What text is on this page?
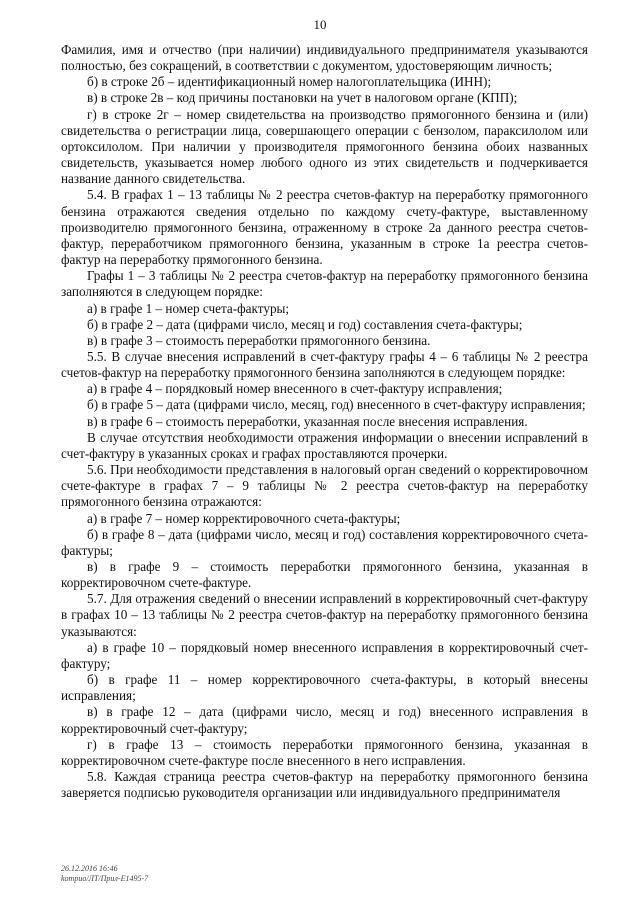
10

Фамилия, имя и отчество (при наличии) индивидуального предпринимателя указываются полностью, без сокращений, в соответствии с документом, удостоверяющим личность;

б) в строке 2б – идентификационный номер налогоплательщика (ИНН);

в) в строке 2в – код причины постановки на учет в налоговом органе (КПП);

г) в строке 2г – номер свидетельства на производство прямогонного бензина и (или) свидетельства о регистрации лица, совершающего операции с бензолом, параксилолом или ортоксилолом. При наличии у производителя прямогонного бензина обоих названных свидетельств, указывается номер любого одного из этих свидетельств и подчеркивается название данного свидетельства.

5.4. В графах 1 – 13 таблицы № 2 реестра счетов-фактур на переработку прямогонного бензина отражаются сведения отдельно по каждому счету-фактуре, выставленному производителю прямогонного бензина, отраженному в строке 2а данного реестра счетов-фактур, переработчиком прямогонного бензина, указанным в строке 1а реестра счетов-фактур на переработку прямогонного бензина.

Графы 1 – 3 таблицы № 2 реестра счетов-фактур на переработку прямогонного бензина заполняются в следующем порядке:

а) в графе 1 – номер счета-фактуры;

б) в графе 2 – дата (цифрами число, месяц и год) составления счета-фактуры;

в) в графе 3 – стоимость переработки прямогонного бензина.

5.5. В случае внесения исправлений в счет-фактуру графы 4 – 6 таблицы № 2 реестра счетов-фактур на переработку прямогонного бензина заполняются в следующем порядке:

а) в графе 4 – порядковый номер внесенного в счет-фактуру исправления;

б) в графе 5 – дата (цифрами число, месяц, год) внесенного в счет-фактуру исправления;

в) в графе 6 – стоимость переработки, указанная после внесения исправления.

В случае отсутствия необходимости отражения информации о внесении исправлений в счет-фактуру в указанных сроках и графах проставляются прочерки.

5.6. При необходимости представления в налоговый орган сведений о корректировочном счете-фактуре в графах 7 – 9 таблицы № 2 реестра счетов-фактур на переработку прямогонного бензина отражаются:

а) в графе 7 – номер корректировочного счета-фактуры;

б) в графе 8 – дата (цифрами число, месяц и год) составления корректировочного счета-фактуры;

в) в графе 9 – стоимость переработки прямогонного бензина, указанная в корректировочном счете-фактуре.

5.7. Для отражения сведений о внесении исправлений в корректировочный счет-фактуру в графах 10 – 13 таблицы № 2 реестра счетов-фактур на переработку прямогонного бензина указываются:

а) в графе 10 – порядковый номер внесенного исправления в корректировочный счет-фактуру;

б) в графе 11 – номер корректировочного счета-фактуры, в который внесены исправления;

в) в графе 12 – дата (цифрами число, месяц и год) внесенного исправления в корректировочный счет-фактуру;

г) в графе 13 – стоимость переработки прямогонного бензина, указанная в корректировочном счете-фактуре после внесенного в него исправления.

5.8. Каждая страница реестра счетов-фактур на переработку прямогонного бензина заверяется подписью руководителя организации или индивидуального предпринимателя

26.12.2016 16:46
kompuo/ЛТ/Прил-Е1495-7
